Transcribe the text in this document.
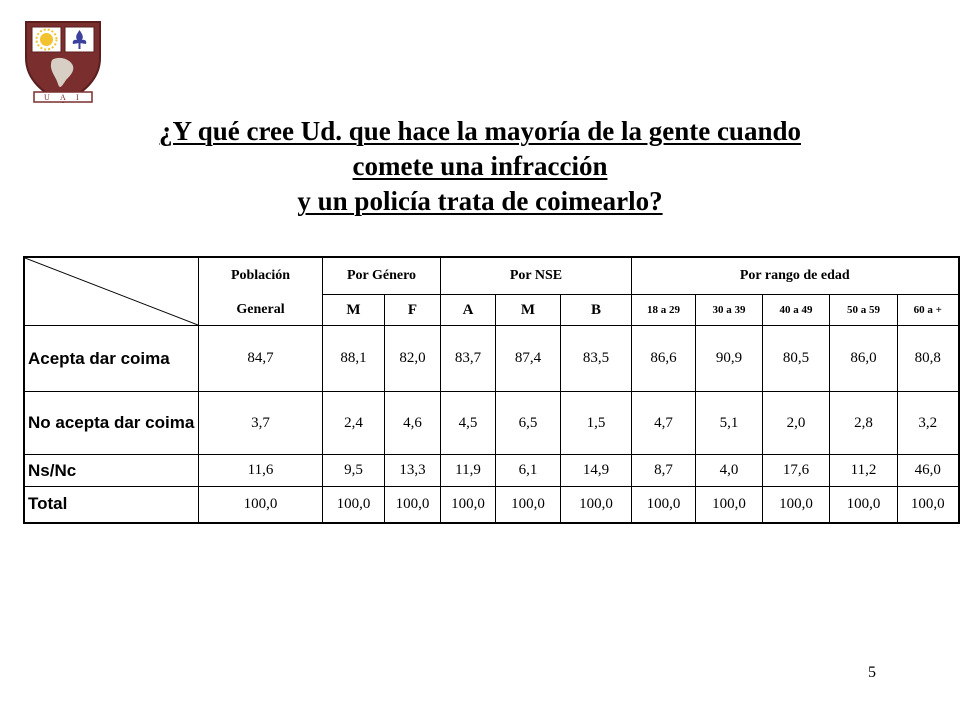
U A I
¿Y qué cree Ud. que hace la mayoría de la gente cuando
comete una infracción
y un policía trata de coimearlo?
	Población	Por Género		Por NSE			Por rango de edad				
	General	M	F	A	M	B	18 a 29	30 a 39	40 a 49	50 a 59	60 a +
Acepta dar coima	84,7	88,1	82,0	83,7	87,4	83,5	86,6	90,9	80,5	86,0	80,8
No acepta dar coima	3,7	2,4	4,6	4,5	6,5	1,5	4,7	5,1	2,0	2,8	3,2
Ns/Nc	11,6	9,5	13,3	11,9	6,1	14,9	8,7	4,0	17,6	11,2	46,0
Total	100,0	100,0	100,0	100,0	100,0	100,0	100,0	100,0	100,0	100,0	100,0
5
